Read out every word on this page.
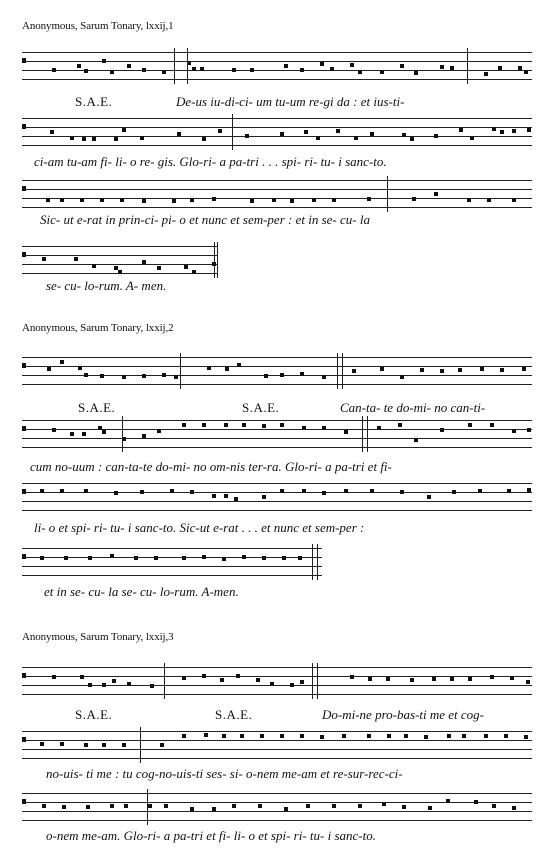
Anonymous, Sarum Tonary, lxxij,1
S.A.E.	De-us iu-di-ci- um tu-um re-gi da : et ius-ti-
ci-am tu-am fi- li- o re- gis. Glo-ri- a pa-tri . . . spi- ri- tu- i sanc-to.
Sic- ut e-rat in prin-ci- pi- o et nunc et sem-per : et in se- cu- la
se- cu- lo-rum. A- men.
Anonymous, Sarum Tonary, lxxij,2
S.A.E.	S.A.E.	Can-ta- te do-mi- no can-ti-
cum no-uum : can-ta-te do-mi- no om-nis ter-ra. Glo-ri- a pa-tri et fi-
li- o et spi- ri- tu- i sanc-to. Sic-ut e-rat . . . et nunc et sem-per :
et in se- cu- la se- cu- lo-rum. A-men.
Anonymous, Sarum Tonary, lxxij,3
S.A.E.	S.A.E.	Do-mi-ne pro-bas-ti me et cog-
no-uis- ti me : tu cog-no-uis-ti ses- si- o-nem me-am et re-sur-rec-ci-
o-nem me-am. Glo-ri- a pa-tri et fi- li- o et spi- ri- tu- i sanc-to.
